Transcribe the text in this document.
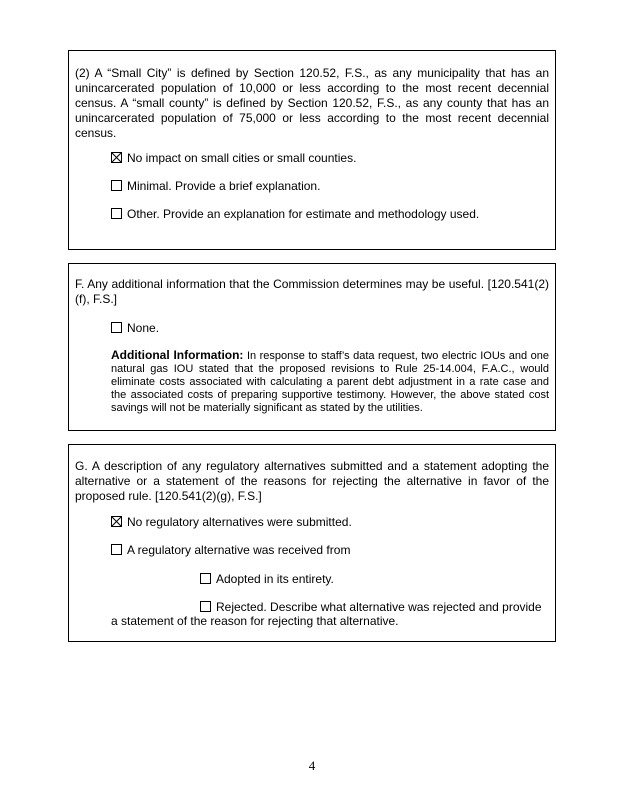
(2) A “Small City” is defined by Section 120.52, F.S., as any municipality that has an unincarcerated population of 10,000 or less according to the most recent decennial census. A “small county” is defined by Section 120.52, F.S., as any county that has an unincarcerated population of 75,000 or less according to the most recent decennial census.

No impact on small cities or small counties.
Minimal. Provide a brief explanation.
Other. Provide an explanation for estimate and methodology used.

F. Any additional information that the Commission determines may be useful. [120.541(2)(f), F.S.]

None.

Additional Information: In response to staff’s data request, two electric IOUs and one natural gas IOU stated that the proposed revisions to Rule 25-14.004, F.A.C., would eliminate costs associated with calculating a parent debt adjustment in a rate case and the associated costs of preparing supportive testimony. However, the above stated cost savings will not be materially significant as stated by the utilities.

G. A description of any regulatory alternatives submitted and a statement adopting the alternative or a statement of the reasons for rejecting the alternative in favor of the proposed rule. [120.541(2)(g), F.S.]

No regulatory alternatives were submitted.
A regulatory alternative was received from
Adopted in its entirety.
Rejected. Describe what alternative was rejected and provide
a statement of the reason for rejecting that alternative.
4
